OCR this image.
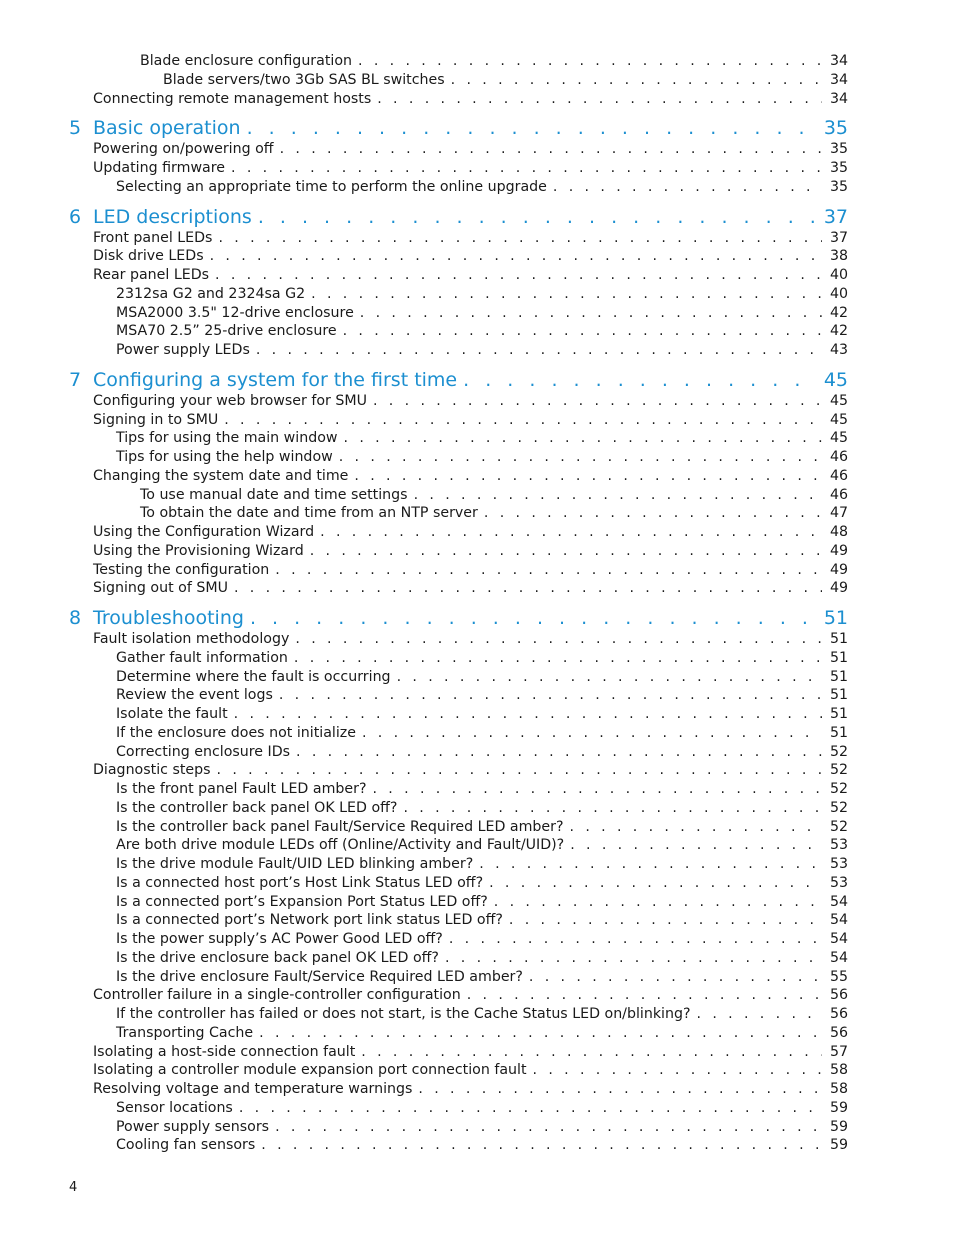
Blade enclosure configuration . . .	34
Blade servers/two 3Gb SAS BL switches . . .	34
Connecting remote management hosts . . .	34
5 Basic operation . . .	35
Powering on/powering off . . .	35
Updating firmware . . .	35
Selecting an appropriate time to perform the online upgrade . . .	35
6 LED descriptions . . .	37
Front panel LEDs . . .	37
Disk drive LEDs . . .	38
Rear panel LEDs . . .	40
2312sa G2 and 2324sa G2 . . .	40
MSA2000 3.5" 12-drive enclosure . . .	42
MSA70 2.5” 25-drive enclosure . . .	42
Power supply LEDs . . .	43
7 Configuring a system for the first time . . .	45
Configuring your web browser for SMU . . .	45
Signing in to SMU . . .	45
Tips for using the main window . . .	45
Tips for using the help window . . .	46
Changing the system date and time . . .	46
To use manual date and time settings . . .	46
To obtain the date and time from an NTP server . . .	47
Using the Configuration Wizard . . .	48
Using the Provisioning Wizard . . .	49
Testing the configuration . . .	49
Signing out of SMU . . .	49
8 Troubleshooting . . .	51
Fault isolation methodology . . .	51
Gather fault information . . .	51
Determine where the fault is occurring . . .	51
Review the event logs . . .	51
Isolate the fault . . .	51
If the enclosure does not initialize . . .	51
Correcting enclosure IDs . . .	52
Diagnostic steps . . .	52
Is the front panel Fault LED amber? . . .	52
Is the controller back panel OK LED off? . . .	52
Is the controller back panel Fault/Service Required LED amber? . . .	52
Are both drive module LEDs off (Online/Activity and Fault/UID)? . . .	53
Is the drive module Fault/UID LED blinking amber? . . .	53
Is a connected host port’s Host Link Status LED off? . . .	53
Is a connected port’s Expansion Port Status LED off? . . .	54
Is a connected port’s Network port link status LED off? . . .	54
Is the power supply’s AC Power Good LED off? . . .	54
Is the drive enclosure back panel OK LED off? . . .	54
Is the drive enclosure Fault/Service Required LED amber? . . .	55
Controller failure in a single-controller configuration . . .	56
If the controller has failed or does not start, is the Cache Status LED on/blinking? . . .	56
Transporting Cache . . .	56
Isolating a host-side connection fault . . .	57
Isolating a controller module expansion port connection fault . . .	58
Resolving voltage and temperature warnings . . .	58
Sensor locations . . .	59
Power supply sensors . . .	59
Cooling fan sensors . . .	59
4
